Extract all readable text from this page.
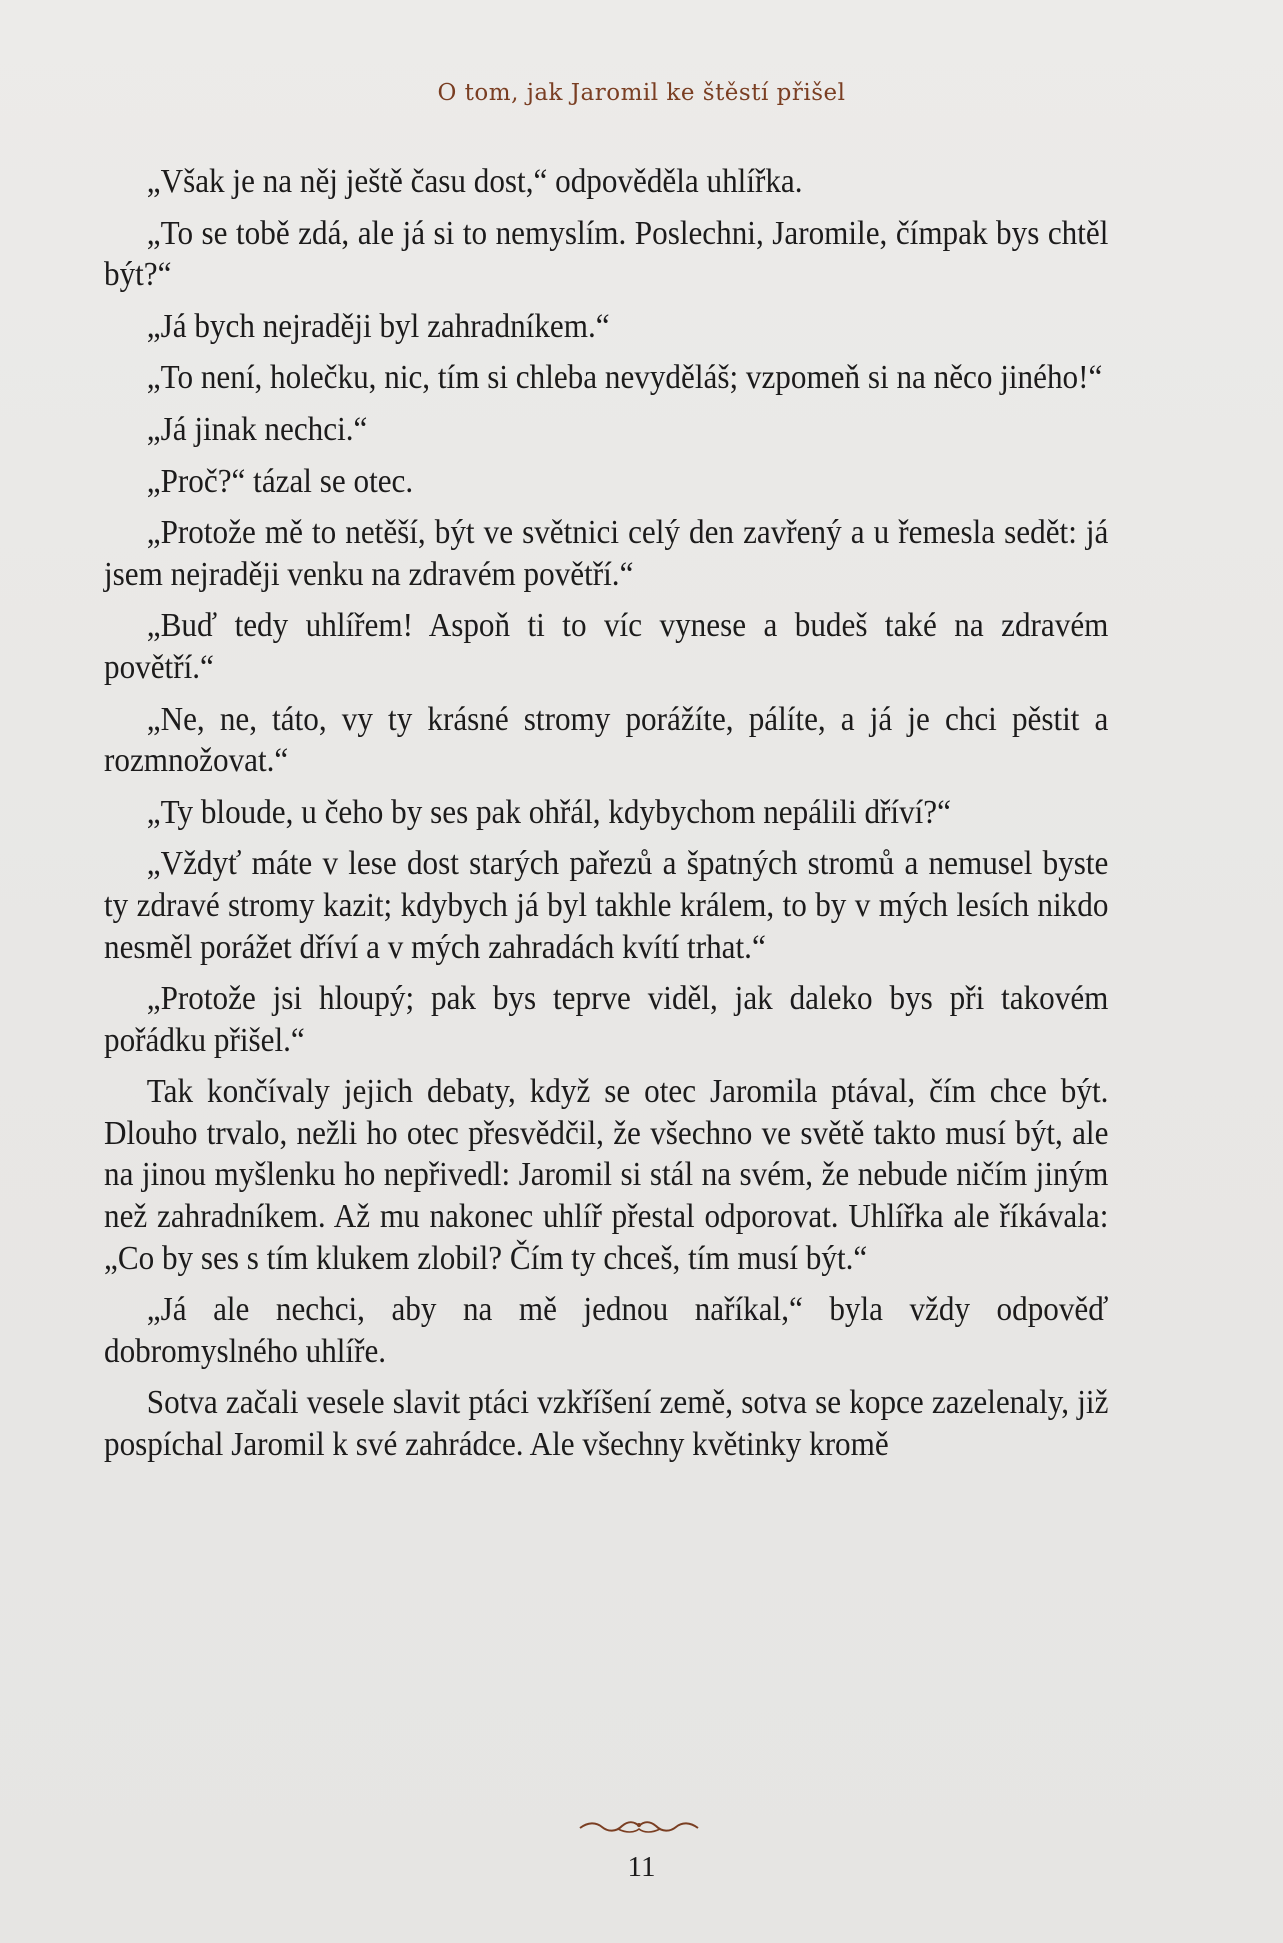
O tom, jak Jaromil ke štěstí přišel

„Však je na něj ještě času dost,“ odpověděla uhlířka.

„To se tobě zdá, ale já si to nemyslím. Poslechni, Jaromile, čímpak bys chtěl být?“

„Já bych nejraději byl zahradníkem.“

„To není, holečku, nic, tím si chleba nevyděláš; vzpomeň si na něco jiného!“

„Já jinak nechci.“

„Proč?“ tázal se otec.

„Protože mě to netěší, být ve světnici celý den zavřený a u řemesla sedět: já jsem nejraději venku na zdravém povětří.“

„Buď tedy uhlířem! Aspoň ti to víc vynese a budeš také na zdravém povětří.“

„Ne, ne, táto, vy ty krásné stromy porážíte, pálíte, a já je chci pěstit a rozmnožovat.“

„Ty bloude, u čeho by ses pak ohřál, kdybychom nepálili dříví?“

„Vždyť máte v lese dost starých pařezů a špatných stromů a nemusel byste ty zdravé stromy kazit; kdybych já byl takhle králem, to by v mých lesích nikdo nesměl porážet dříví a v mých zahradách kvítí trhat.“

„Protože jsi hloupý; pak bys teprve viděl, jak daleko bys při takovém pořádku přišel.“

Tak končívaly jejich debaty, když se otec Jaromila ptával, čím chce být. Dlouho trvalo, nežli ho otec přesvědčil, že všechno ve světě takto musí být, ale na jinou myšlenku ho nepřivedl: Jaromil si stál na svém, že nebude ničím jiným než zahradníkem. Až mu nakonec uhlíř přestal odporovat. Uhlířka ale říkávala: „Co by ses s tím klukem zlobil? Čím ty chceš, tím musí být.“

„Já ale nechci, aby na mě jednou naříkal,“ byla vždy odpověď dobromyslného uhlíře.

Sotva začali vesele slavit ptáci vzkříšení země, sotva se kopce zazelenaly, již pospíchal Jaromil k své zahrádce. Ale všechny květinky kromě

11
